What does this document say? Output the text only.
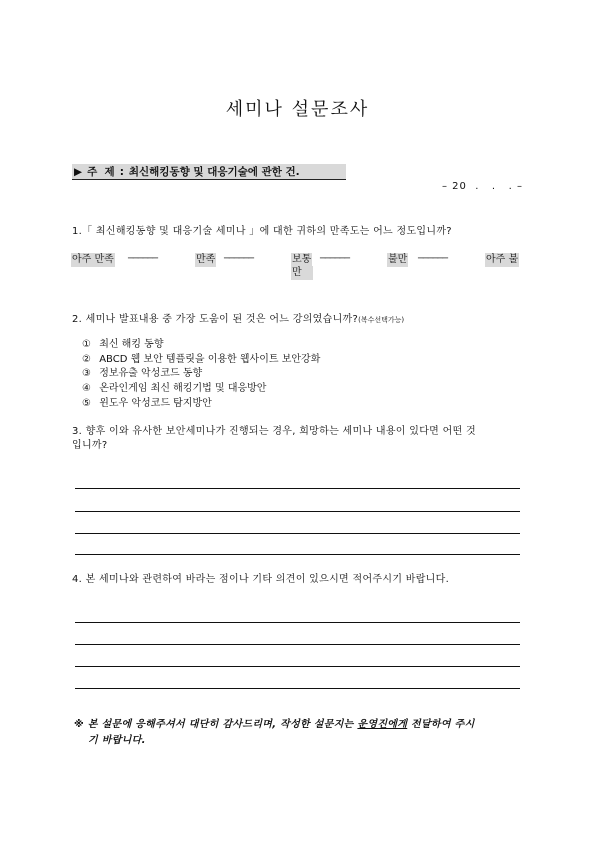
세미나 설문조사
▶ 주  제 : 최신해킹동향 및 대응기술에 관한 건.
– 20  .   .   . –
1.「 최신해킹동향 및 대응기술 세미나 」에 대한 귀하의 만족도는 어느 정도입니까?
아주 만족 ──────	만족 ──────	보통 ──────	불만 ──────	아주 불
만
2. 세미나 발표내용 중 가장 도움이 된 것은 어느 강의였습니까?(복수선택가능)
① 최신 해킹 동향
② ABCD 웹 보안 템플릿을 이용한 웹사이트 보안강화
③ 정보유출 악성코드 동향
④ 온라인게임 최신 해킹기법 및 대응방안
⑤ 윈도우 악성코드 탐지방안
3. 향후 이와 유사한 보안세미나가 진행되는 경우, 희망하는 세미나 내용이 있다면 어떤 것
입니까?
4. 본 세미나와 관련하여 바라는 점이나 기타 의견이 있으시면 적어주시기 바랍니다.
※ 본 설문에 응해주셔서 대단히 감사드리며, 작성한 설문지는 운영진에게 전달하여 주시
기 바랍니다.
